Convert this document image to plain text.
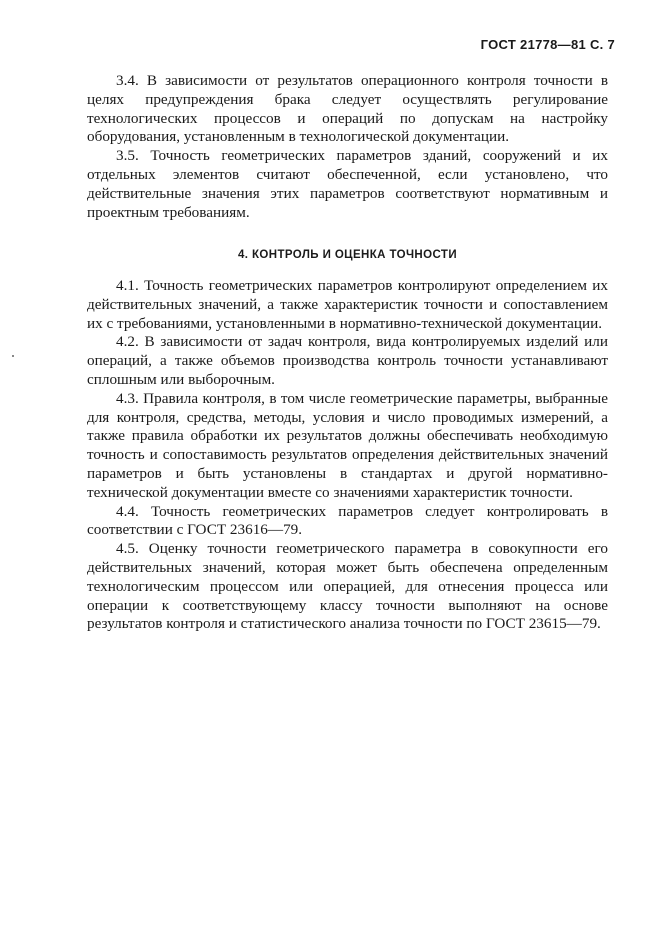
ГОСТ 21778—81 С. 7

3.4. В зависимости от результатов операционного контроля точности в целях предупреждения брака следует осуществлять регулирование технологических процессов и операций по допускам на настройку оборудования, установленным в технологической документации.

3.5. Точность геометрических параметров зданий, сооружений и их отдельных элементов считают обеспеченной, если установлено, что действительные значения этих параметров соответствуют нормативным и проектным требованиям.

4. КОНТРОЛЬ И ОЦЕНКА ТОЧНОСТИ

4.1. Точность геометрических параметров контролируют определением их действительных значений, а также характеристик точности и сопоставлением их с требованиями, установленными в нормативно-технической документации.

4.2. В зависимости от задач контроля, вида контролируемых изделий или операций, а также объемов производства контроль точности устанавливают сплошным или выборочным.

4.3. Правила контроля, в том числе геометрические параметры, выбранные для контроля, средства, методы, условия и число проводимых измерений, а также правила обработки их результатов должны обеспечивать необходимую точность и сопоставимость результатов определения действительных значений параметров и быть установлены в стандартах и другой нормативно-технической документации вместе со значениями характеристик точности.

4.4. Точность геометрических параметров следует контролировать в соответствии с ГОСТ 23616—79.

4.5. Оценку точности геометрического параметра в совокупности его действительных значений, которая может быть обеспечена определенным технологическим процессом или операцией, для отнесения процесса или операции к соответствующему классу точности выполняют на основе результатов контроля и статистического анализа точности по ГОСТ 23615—79.
